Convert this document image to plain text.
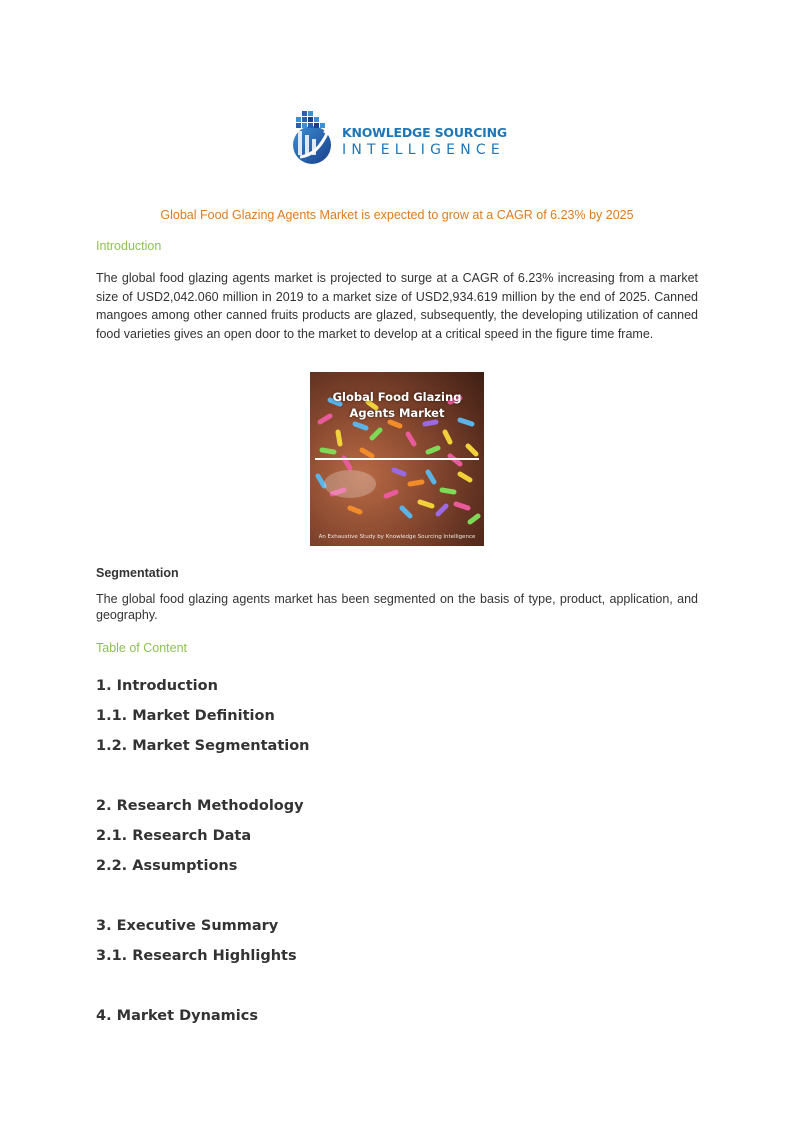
KNOWLEDGE SOURCING
INTELLIGENCE
Global Food Glazing Agents Market is expected to grow at a CAGR of 6.23% by 2025
Introduction

The global food glazing agents market is projected to surge at a CAGR of 6.23% increasing from a market size of USD2,042.060 million in 2019 to a market size of USD2,934.619 million by the end of 2025. Canned mangoes among other canned fruits products are glazed, subsequently, the developing utilization of canned food varieties gives an open door to the market to develop at a critical speed in the figure time frame.

Global Food Glazing Agents Market
An Exhaustive Study by Knowledge Sourcing Intelligence
Segmentation

The global food glazing agents market has been segmented on the basis of type, product, application, and geography.

Table of Content
1. Introduction
1.1. Market Definition
1.2. Market Segmentation
2. Research Methodology
2.1. Research Data
2.2. Assumptions
3. Executive Summary
3.1. Research Highlights
4. Market Dynamics
